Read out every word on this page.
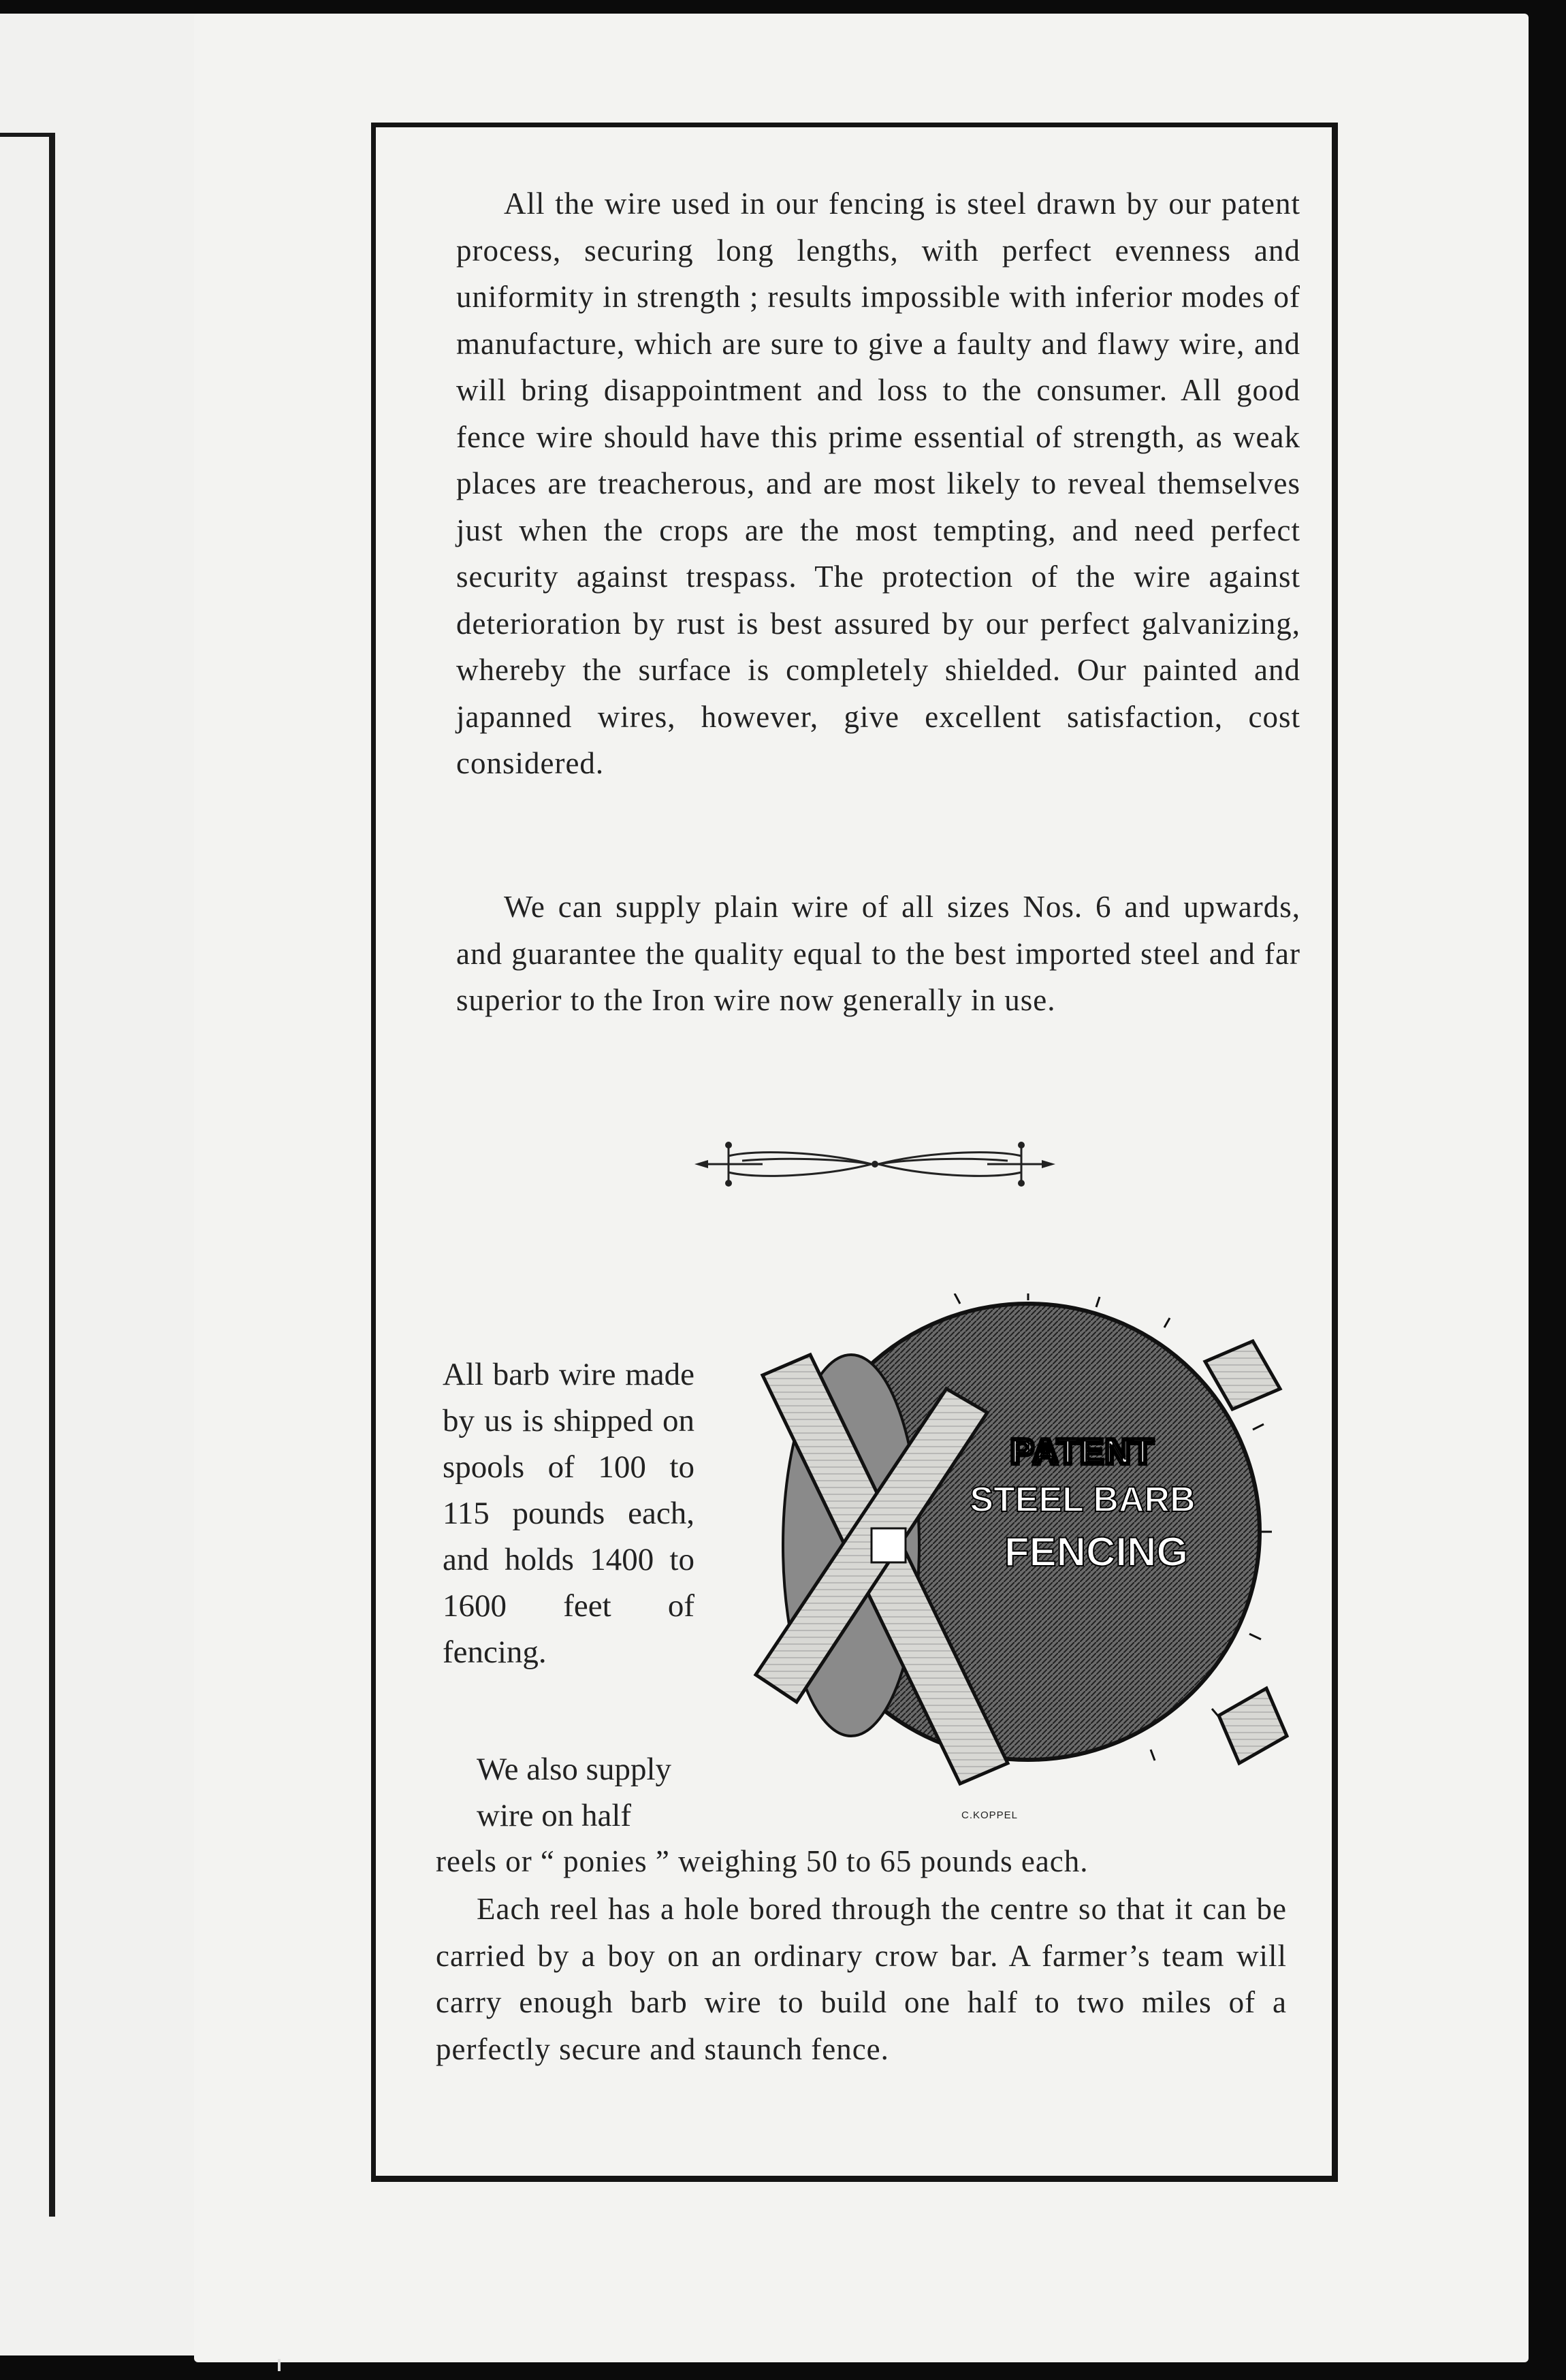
All the wire used in our fencing is steel drawn by our patent process, securing long lengths, with perfect evenness and uniformity in strength ; results impossible with inferior modes of manufacture, which are sure to give a faulty and flawy wire, and will bring disappointment and loss to the consumer. All good fence wire should have this prime essential of strength, as weak places are treacherous, and are most likely to reveal themselves just when the crops are the most tempting, and need perfect security against trespass. The protection of the wire against deterioration by rust is best assured by our perfect galvanizing, whereby the surface is completely shielded. Our painted and japanned wires, however, give excellent satisfaction, cost considered.
We can supply plain wire of all sizes Nos. 6 and upwards, and guarantee the quality equal to the best imported steel and far superior to the Iron wire now generally in use.
All barb wire made by us is shipped on spools of 100 to 115 pounds each, and holds 1400 to 1600 feet of fencing.
We also supply wire on half
PATENT
STEEL BARB
FENCING
C.KOPPEL
reels or “ ponies ” weighing 50 to 65 pounds each.
Each reel has a hole bored through the centre so that it can be carried by a boy on an ordinary crow bar. A farmer’s team will carry enough barb wire to build one half to two miles of a perfectly secure and staunch fence.
